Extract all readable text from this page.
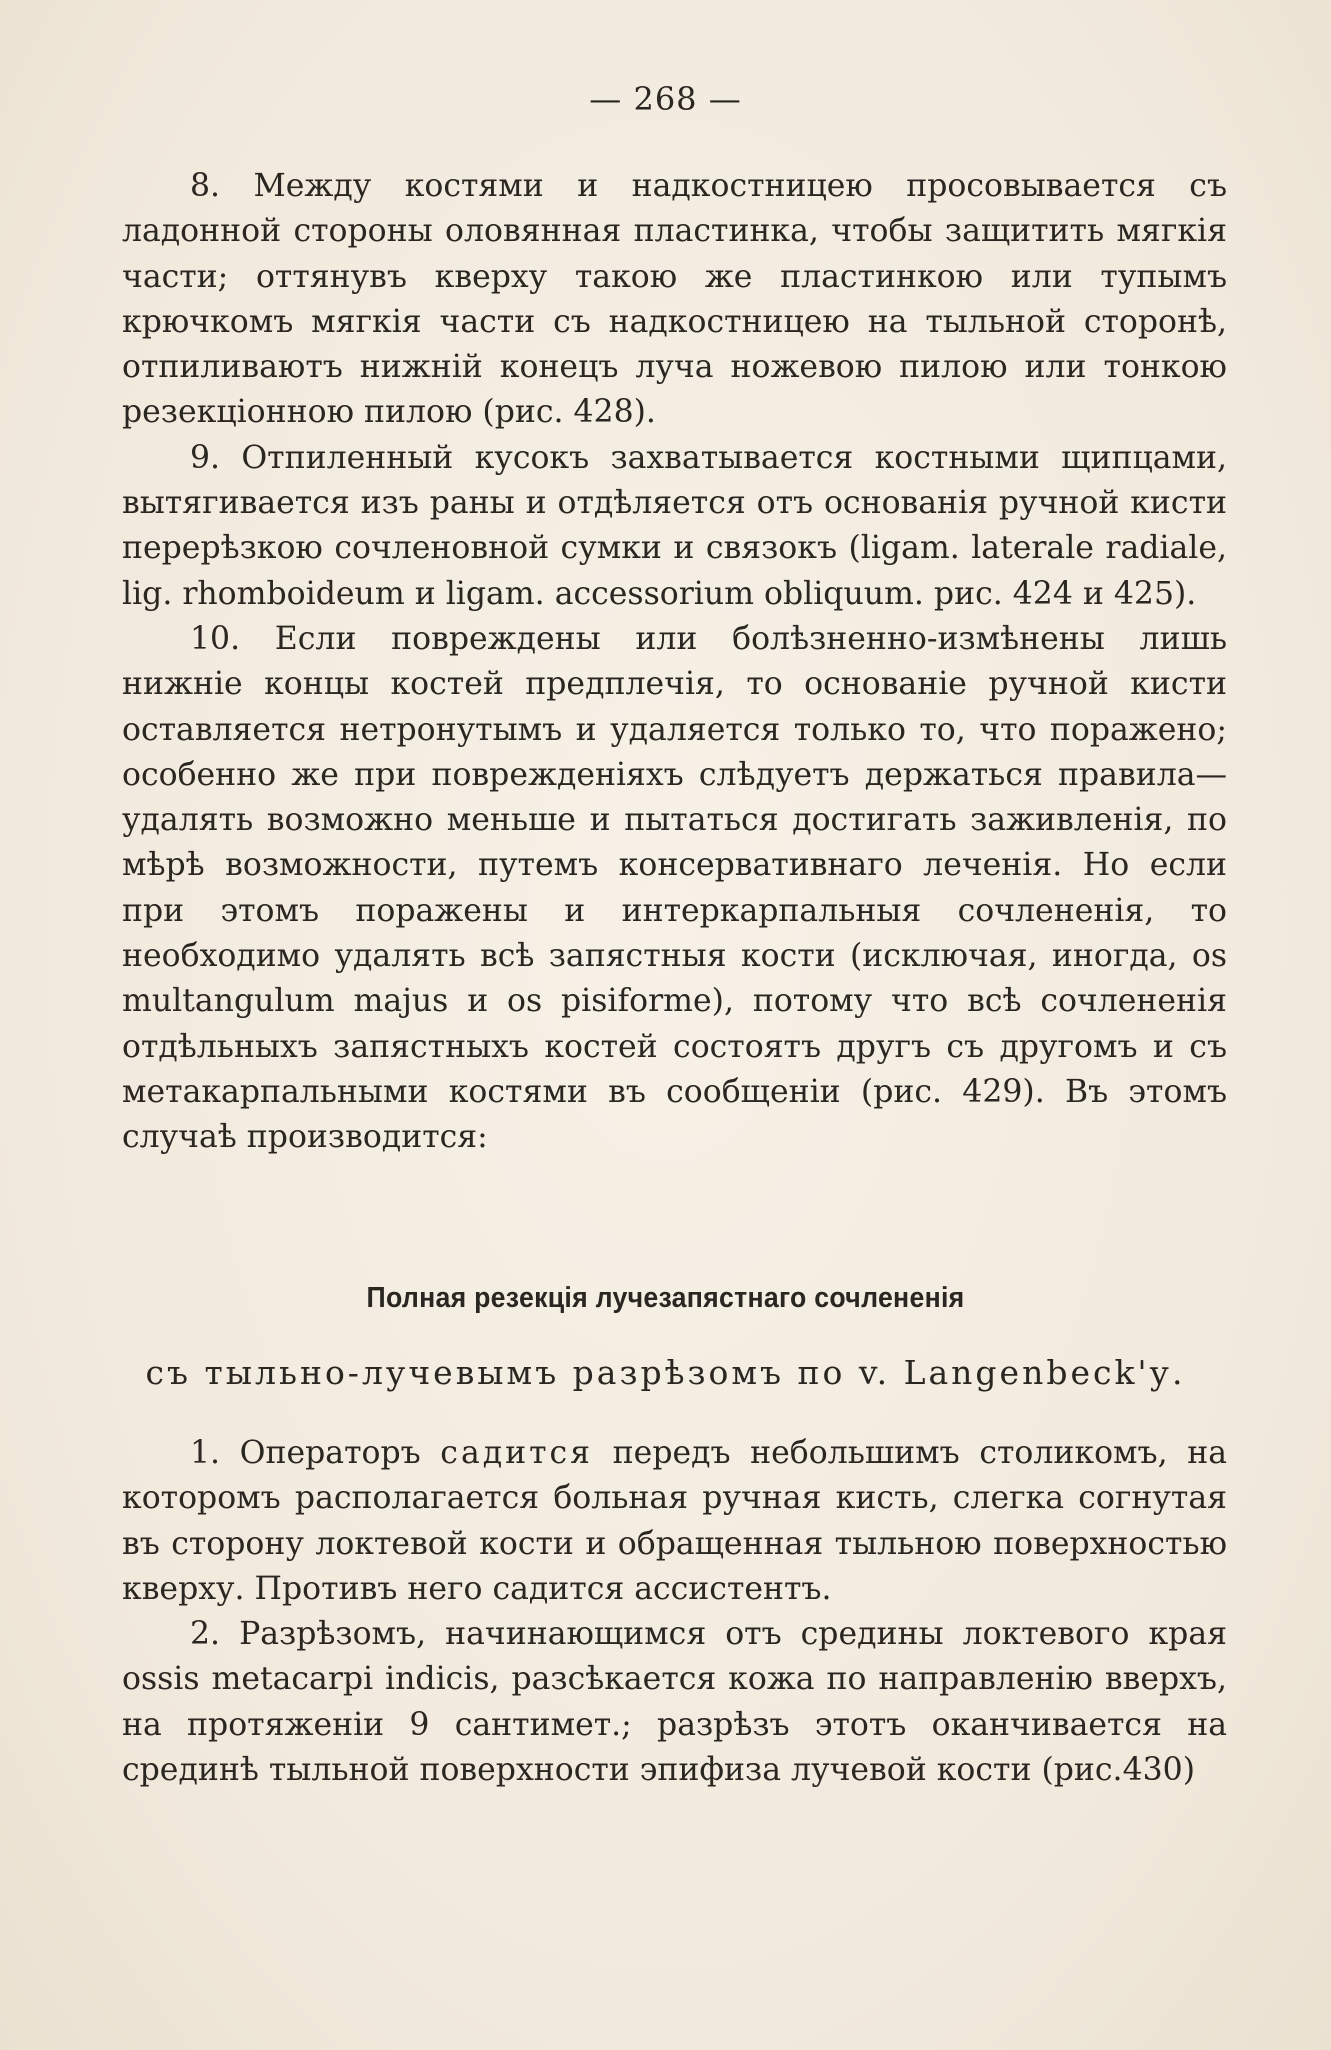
— 268 —

8. Между костями и надкостницею просовывается съ ладонной стороны оловянная пластинка, чтобы защитить мягкія части; оттянувъ кверху такою же пластинкою или тупымъ крючкомъ мягкія части съ надкостницею на тыльной сторонѣ, отпиливаютъ нижній конецъ луча ножевою пилою или тонкою резекціонною пилою (рис. 428).

9. Отпиленный кусокъ захватывается костными щипцами, вытягивается изъ раны и отдѣляется отъ основанія ручной кисти перерѣзкою сочленовной сумки и связокъ (ligam. laterale radiale, lig. rhomboideum и ligam. accessorium obliquum. рис. 424 и 425).

10. Если повреждены или болѣзненно-измѣнены лишь нижніе концы костей предплечія, то основаніе ручной кисти оставляется нетронутымъ и удаляется только то, что поражено; особенно же при поврежденіяхъ слѣдуетъ держаться правила—удалять возможно меньше и пытаться достигать заживленія, по мѣрѣ возможности, путемъ консервативнаго леченія. Но если при этомъ поражены и интеркарпальныя сочлененія, то необходимо удалять всѣ запястныя кости (исключая, иногда, os multangulum majus и os pisiforme), потому что всѣ сочлененія отдѣльныхъ запястныхъ костей состоятъ другъ съ другомъ и съ метакарпальными костями въ сообщеніи (рис. 429). Въ этомъ случаѣ производится:

Полная резекція лучезапястнаго сочлененія
съ тыльно-лучевымъ разрѣзомъ по v. Langenbeck'у.

1. Операторъ садится передъ небольшимъ столикомъ, на которомъ располагается больная ручная кисть, слегка согнутая въ сторону локтевой кости и обращенная тыльною поверхностью кверху. Противъ него садится ассистентъ.

2. Разрѣзомъ, начинающимся отъ средины локтевого края ossis metacarpi indicis, разсѣкается кожа по направленію вверхъ, на протяженіи 9 сантимет.; разрѣзъ этотъ оканчивается на срединѣ тыльной поверхности эпифиза лучевой кости (рис.430)
